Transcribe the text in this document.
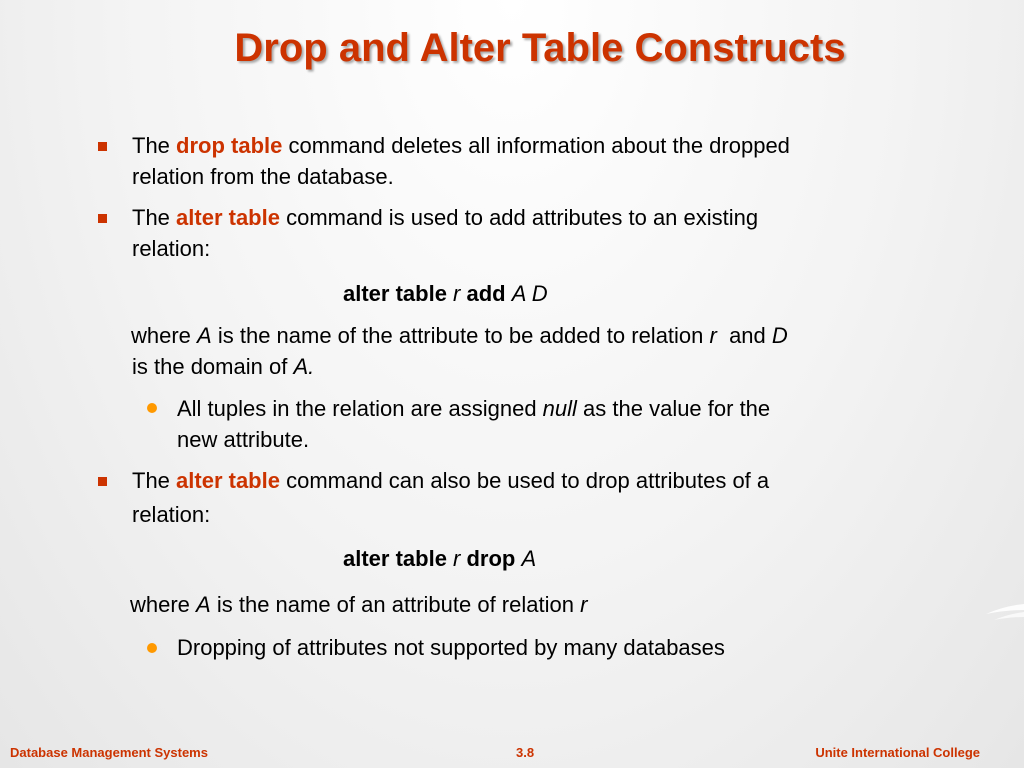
Drop and Alter Table Constructs
The drop table command deletes all information about the dropped
relation from the database.
The alter table command is used to add attributes to an existing
relation:
alter table r add A D
where A is the name of the attribute to be added to relation r  and D
is the domain of A.
All tuples in the relation are assigned null as the value for the
new attribute.
The alter table command can also be used to drop attributes of a
relation:
alter table r drop A
where A is the name of an attribute of relation r
Dropping of attributes not supported by many databases
Database Management Systems	3.8	Unite International College
